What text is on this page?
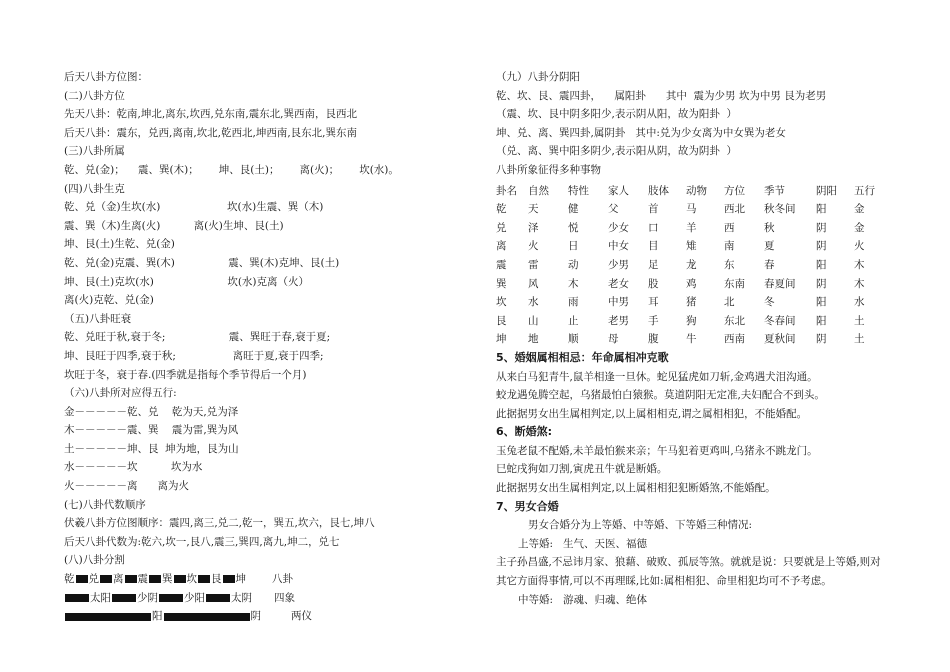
后天八卦方位图：
(二)八卦方位
先天八卦：乾南,坤北,离东,坎西,兑东南,震东北,巽西南，艮西北
后天八卦：震东，兑西,离南,坎北,乾西北,坤西南,艮东北,巽东南
(三)八卦所属
乾、兑(金)；    震、巽(木)；      坤、艮(土)；      离(火)；      坎(水)。
(四)八卦生克
乾、兑（金)生坎(水)                    坎(水)生震、巽（木)
震、巽（木)生离(火)          离(火)生坤、艮(土)
坤、艮(土)生乾、兑(金)
乾、兑(金)克震、巽(木)                震、巽(木)克坤、艮(土)
坤、艮(土)克坎(水)                      坎(水)克离（火）
离(火)克乾、兑(金)
（五)八卦旺衰
乾、兑旺于秋,衰于冬;                   震、巽旺于春,衰于夏;
坤、艮旺于四季,衰于秋;                 离旺于夏,衰于四季;
坎旺于冬，衰于春.(四季就是指每个季节得后一个月)
（六)八卦所对应得五行:
金－－－－－乾、兑    乾为天,兑为泽
木－－－－－震、巽    震为雷,巽为风
土－－－－－坤、艮  坤为地，艮为山
水－－－－－坎          坎为水
火－－－－－离      离为火
(七)八卦代数顺序
伏羲八卦方位图顺序：震四,离三,兑二,乾一，巽五,坎六，艮七,坤八
后天八卦代数为:乾六,坎一,艮八,震三,巽四,离九,坤二，兑七
(八)八卦分割
乾 兑 离 震 巽 坎 艮 坤 八卦
太阳 少阴 少阳 太阴 四象
阳	阴	两仪
（九）八卦分阴阳
乾、坎、艮、震四卦，    属阳卦      其中  震为少男 坎为中男 艮为老男
（震、坎、艮中阴多阳少,表示阴从阳，故为阳卦  ）
坤、兑、离、巽四卦,属阴卦   其中:兑为少女离为中女巽为老女
（兑、离、巽中阳多阴少,表示阳从阴，故为阴卦  ）
八卦所象征得多种事物
卦名	自然	特性	家人	肢体	动物	方位	季节	阴阳	五行
乾	天	健	父	首	马	西北	秋冬间	阳	金
兑	泽	悦	少女	口	羊	西	秋	阴	金
离	火	日	中女	目	雉	南	夏	阴	火
震	雷	动	少男	足	龙	东	春	阳	木
巽	风	木	老女	股	鸡	东南	春夏间	阴	木
坎	水	雨	中男	耳	猪	北	冬	阳	水
艮	山	止	老男	手	狗	东北	冬春间	阳	土
坤	地	顺	母	腹	牛	西南	夏秋间	阴	土
5、婚姻属相相忌：年命属相冲克歌
从来白马犯青牛,鼠羊相逢一旦休。蛇见猛虎如刀斩,金鸡遇犬泪沟通。
蛟龙遇兔腾空起，乌猪最怕白猿猴。莫道阴阳无定准,夫妇配合不到头。
此据据男女出生属相判定,以上属相相克,谓之属相相犯，不能婚配。
6、断婚煞:
玉兔老鼠不配婚,未羊最怕猴来亲；午马犯着更鸡叫,乌猪永不跳龙门。
巳蛇戌狗如刀割,寅虎丑牛就是断婚。
此据据男女出生属相判定,以上属相相犯犯断婚煞,不能婚配。
7、男女合婚
男女合婚分为上等婚、中等婚、下等婚三种情况:
上等婚:   生气、天医、福德
主子孙昌盛,不忌讳月家、狼藉、破败、孤辰等煞。就就是说：只要就是上等婚,则对其它方面得事情,可以不再理睬,比如:属相相犯、命里相犯均可不予考虑。
中等婚:   游魂、归魂、绝体
